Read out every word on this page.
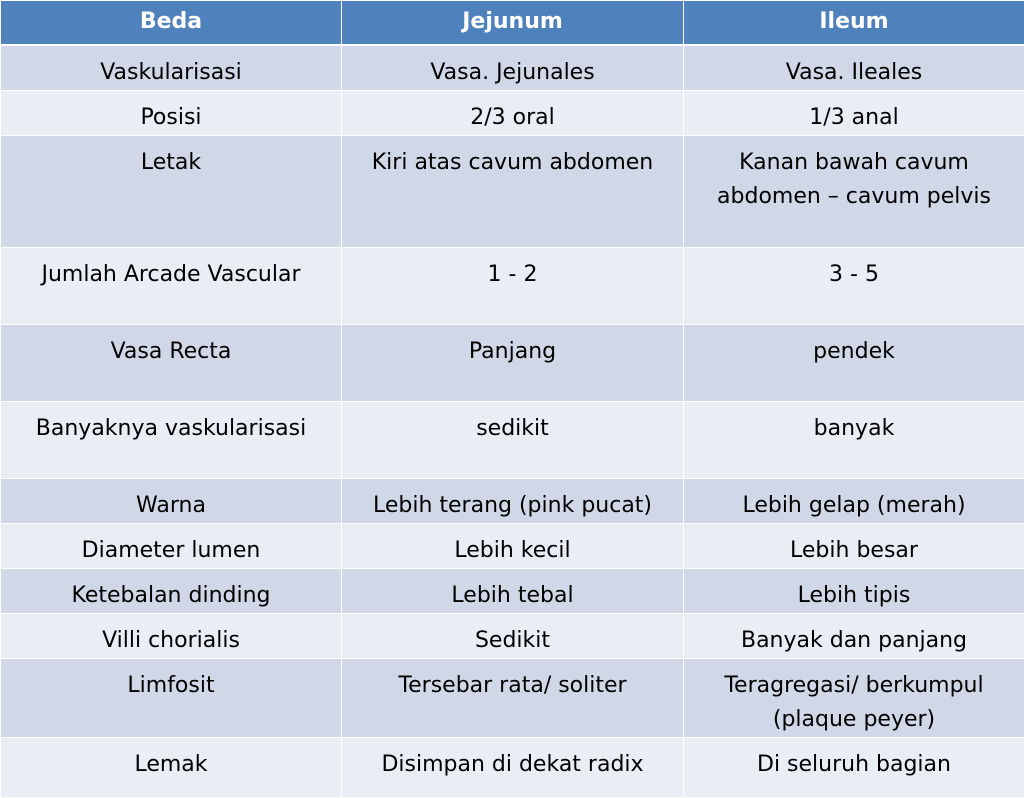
Beda	Jejunum	Ileum
Vaskularisasi	Vasa. Jejunales	Vasa. Ileales
Posisi	2/3 oral	1/3 anal
Letak	Kiri atas cavum abdomen	Kanan bawah cavum abdomen – cavum pelvis
Jumlah Arcade Vascular	1 - 2	3 - 5
Vasa Recta	Panjang	pendek
Banyaknya vaskularisasi	sedikit	banyak
Warna	Lebih terang (pink pucat)	Lebih gelap (merah)
Diameter lumen	Lebih kecil	Lebih besar
Ketebalan dinding	Lebih tebal	Lebih tipis
Villi chorialis	Sedikit	Banyak dan panjang
Limfosit	Tersebar rata/ soliter	Teragregasi/ berkumpul (plaque peyer)
Lemak	Disimpan di dekat radix	Di seluruh bagian
